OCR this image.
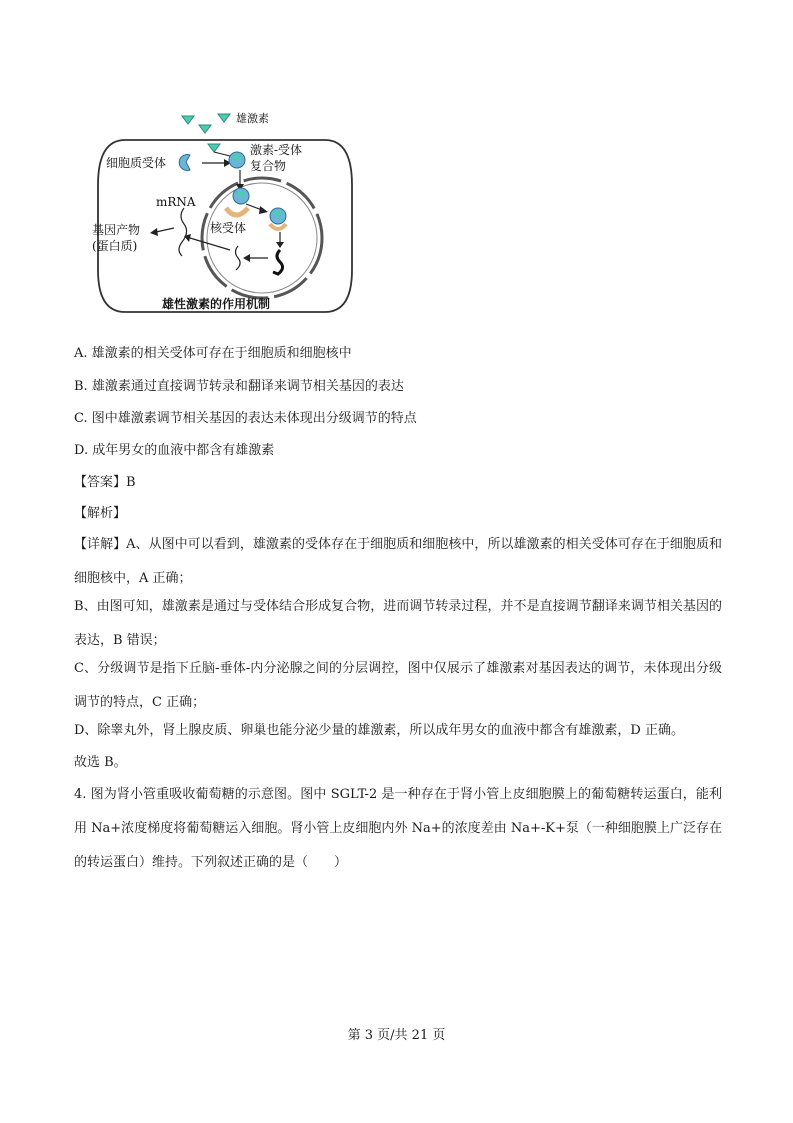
雄激素
激素-受体
复合物
细胞质受体
mRNA
核受体
基因产物
(蛋白质)
雄性激素的作用机制
A. 雄激素的相关受体可存在于细胞质和细胞核中
B. 雄激素通过直接调节转录和翻译来调节相关基因的表达
C. 图中雄激素调节相关基因的表达未体现出分级调节的特点
D. 成年男女的血液中都含有雄激素
【答案】B
【解析】
【详解】A、从图中可以看到，雄激素的受体存在于细胞质和细胞核中，所以雄激素的相关受体可存在于细胞质和细胞核中，A 正确；
B、由图可知，雄激素是通过与受体结合形成复合物，进而调节转录过程，并不是直接调节翻译来调节相关基因的表达，B 错误；
C、分级调节是指下丘脑-垂体-内分泌腺之间的分层调控，图中仅展示了雄激素对基因表达的调节，未体现出分级调节的特点，C 正确；
D、除睾丸外，肾上腺皮质、卵巢也能分泌少量的雄激素，所以成年男女的血液中都含有雄激素，D 正确。
故选 B。
4. 图为肾小管重吸收葡萄糖的示意图。图中 SGLT-2 是一种存在于肾小管上皮细胞膜上的葡萄糖转运蛋白，能利用 Na+浓度梯度将葡萄糖运入细胞。肾小管上皮细胞内外 Na+的浓度差由 Na+-K+泵（一种细胞膜上广泛存在的转运蛋白）维持。下列叙述正确的是（　　）
第 3 页/共 21 页
